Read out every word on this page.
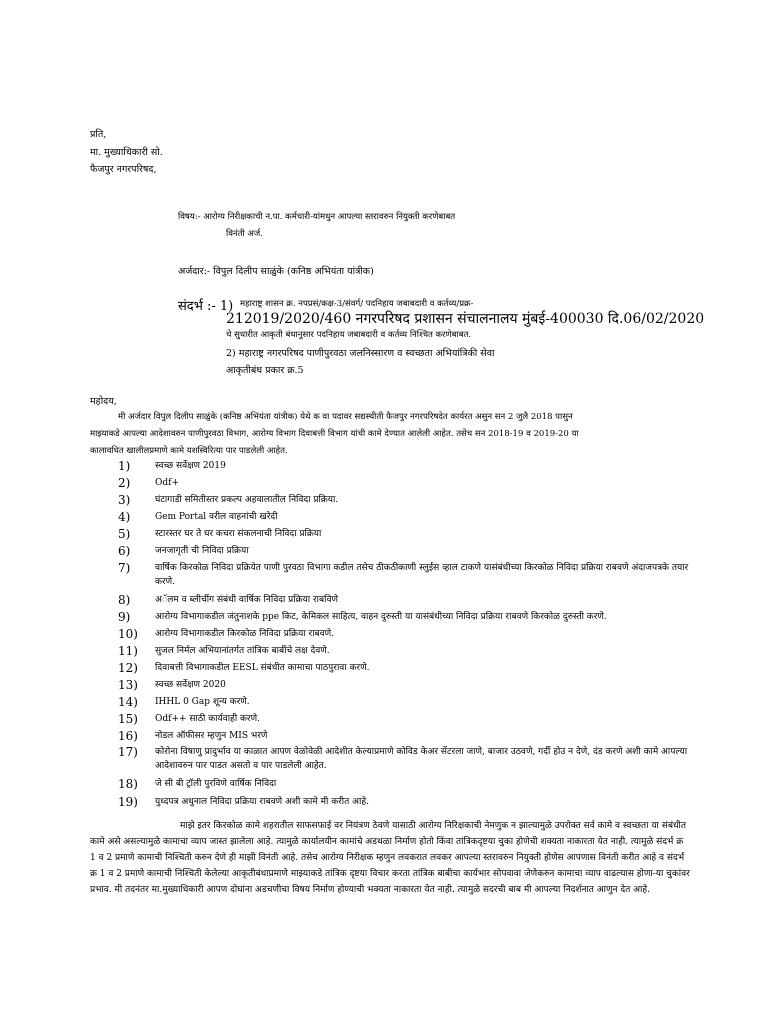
प्रति,
मा. मुख्याधिकारी सो.
फैजपुर नगरपरिषद,
विषय:- आरोग्य निरीक्षकाची न.पा. कर्मचारी-यांमधुन आपल्या स्तरावरुन नियुक्ती करणेबाबत
विनंती अर्ज.
अर्जदार:- विपुल दिलीप साळुंके (कनिष्ठ अभियंता यांत्रीक)
संदर्भ :- 1) महाराष्ट्र शासन क्र. नपप्रसं/कक्ष-3/संवर्ग/ पदनिहाय जबाबदारी व कर्तव्य/प्रक्र-
212019/2020/460 नगरपरिषद प्रशासन संचालनालय मुंबई-400030 दि.06/02/2020
चे सुधारीत आकृती बंधानुसार पदनिहाय जबाबदारी व कर्तव्य निश्चित करणेबाबत.
2) महाराष्ट्र नगरपरिषद पाणीपुरवठा जलनिस्सारण व स्वच्छता अभियांत्रिकी सेवा
आकृतीबंध प्रकार क्र.5
महोदय,
मी अर्जदार विपुल दिलीप साळुंके (कनिष्ठ अभियंता यांत्रीक) येथे क वा पदावर सद्यस्थीती फैजपुर नगरपरिषदेत कार्यरत असुन सन 2 जुलै 2018 पासुन
माझ्याकडे आपल्या आदेशावरुन पाणीपुरवठा विभाग, आरोग्य विभाग दिवाबत्ती विभाग यांची कामे देण्यात आलेली आहेत. तसेच सन 2018-19 व 2019-20 या
कालावधित खालीलप्रमाणे कामे यशस्विरित्या पार पाडलेली आहेत.
1)	स्वच्छ सर्वेक्षण 2019
2)	Odf+
3)	घंटागाडी समितीस्तर प्रकल्प अहवालातील निविदा प्रक्रिया.
4)	Gem Portal वरील वाहनांची खरेदी
5)	स्टारस्तर घर ते घर कचरा संकलनाची निविदा प्रक्रिया
6)	जनजागृती ची निविदा प्रक्रिया
7)	वार्षिक किरकोळ निविदा प्रक्रियेत पाणी पुरवठा विभागा कडील तसेच ठीकठीकाणी स्लुईस व्हाल टाकणे यासंबंधीच्या किरकोळ निविदा प्रक्रिया राबवणे अंदाजपत्रके तयार करणे.
8)	अॅलम व ब्लीचींग संबंधी वार्षिक निविदा प्रक्रिया राबविणे
9)	आरोग्य विभागाकडील जंतुनाशके ppe किट, केमिकल साहित्य, वाहन दुरुस्ती या यासंबंधीच्या निविदा प्रक्रिया राबवणे किरकोळ दुरुस्ती करणे.
10)	आरोग्य विभागाकडील किरकोळ निविदा प्रक्रिया राबवणे.
11)	सुजल निर्मल अभियानांतर्गत तांत्रिक बाबींचे लक्ष देवणे.
12)	दिवाबत्ती विभागाकडील EESL संबंधीत कामाचा पाठपुरावा करणे.
13)	स्वच्छ सर्वेक्षण 2020
14)	IHHL 0 Gap शून्य करणे.
15)	Odf++ साठी कार्यवाही करणे.
16)	नोडल ऑफीसर म्हणुन MIS भरणे
17)	कोरोना विषाणु प्रादुर्भाव या काळात आपण वेळोवेळी आदेशीत केल्याप्रमाणे कोविड केअर सेंटरला जाणे, बाजार उठवणे, गर्दी होउ न देणे, दंड करणे अशी कामे आपल्या आदेशावरुन पार पाडत असतो व पार पाडलेली आहेत.
18)	जे सी बी ट्रॉली पुरविणे वार्षिक निविदा
19)	युध्दपत्र अधुनाल निविदा प्रक्रिया राबवणे अशी कामे मी करीत आहे.
माझे इतर किरकोळ कामे शहरातील साफसफाई वर नियंत्रण ठेवणे यासाठी आरोग्य निरिक्षकाची नेमणुक न झाल्यामुळे उपरोक्त सर्व कामे व स्वच्छता या संबंधीत कामे असे असल्यामुळे कामाचा व्याप जास्त झालेला आहे. त्यामुळे कार्यालयीन कामांचे अडथळा निर्माण होतो किंवा तांत्रिकदृष्टया चुका होणेची शक्यता नाकारता येत नाही. त्यामुळे संदर्भ क्र 1 व 2 प्रमाणे कामाची निश्चिती करुन देणे ही माझी विनंती आहे. तसेच आरोग्य निरीक्षक म्हणुन लवकरात लवकर आपल्या स्तरावरुन नियुक्ती होणेस आपणास विनंती करीत आहे व संदर्भ क्र 1 व 2 प्रमाणे कामाची निश्चिती केलेल्या आकृतीबंधाप्रमाणे माझ्याकडे तांत्रिक दृष्टया विचार करता तांत्रिक बाबीचा कार्यभार सोपवावा जेणेकरुन कामाचा व्याप वाढल्यास होणा-या चुकांवर प्रभाव. मी तदनंतर मा.मुख्याधिकारी आपण दोघांना अडचणीचा विषय निर्माण होण्याची भक्यता नाकारता येत नाही. त्यामुळे सदरची बाब मी आपल्या निदर्शनात आणुन देत आहे.
